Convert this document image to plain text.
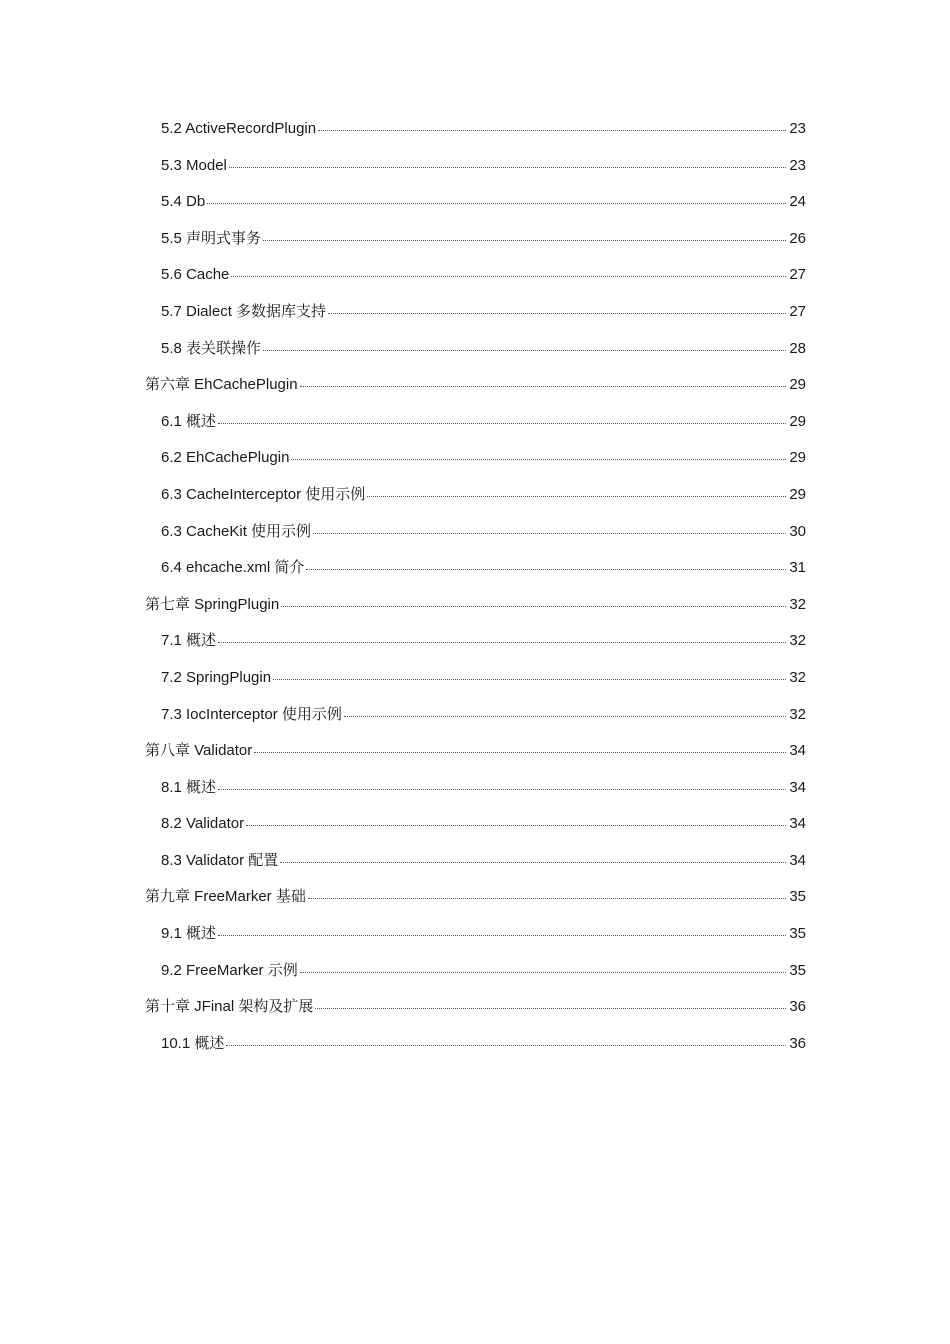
5.2 ActiveRecordPlugin	23
5.3 Model	23
5.4 Db	24
5.5 声明式事务	26
5.6 Cache	27
5.7 Dialect 多数据库支持	27
5.8 表关联操作	28
第六章 EhCachePlugin	29
6.1 概述	29
6.2 EhCachePlugin	29
6.3 CacheInterceptor 使用示例	29
6.3 CacheKit 使用示例	30
6.4 ehcache.xml 简介	31
第七章 SpringPlugin	32
7.1 概述	32
7.2 SpringPlugin	32
7.3 IocInterceptor 使用示例	32
第八章 Validator	34
8.1 概述	34
8.2 Validator	34
8.3 Validator 配置	34
第九章 FreeMarker 基础	35
9.1 概述	35
9.2 FreeMarker 示例	35
第十章 JFinal 架构及扩展	36
10.1 概述	36
